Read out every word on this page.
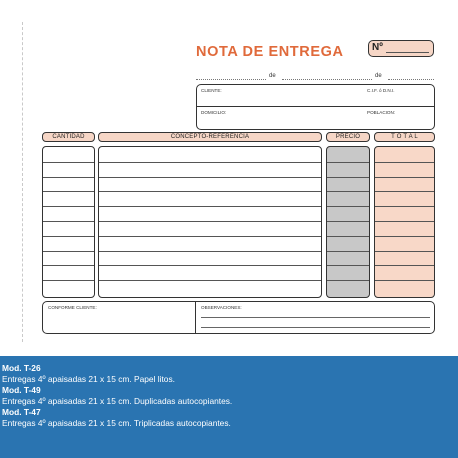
NOTA DE ENTREGA	Nº
de	de
CLIENTE:	C.I.F. ó D.N.I.
DOMICILIO:	POBLACION:
CANTIDAD	CONCEPTO-REFERENCIA	PRECIO	T O T A L
CONFORME CLIENTE:	OBSERVACIONES:
Mod. T-26
Entregas 4º apaisadas 21 x 15 cm. Papel litos.
Mod. T-49
Entregas 4º apaisadas 21 x 15 cm. Duplicadas autocopiantes.
Mod. T-47
Entregas 4º apaisadas 21 x 15 cm. Triplicadas autocopiantes.
